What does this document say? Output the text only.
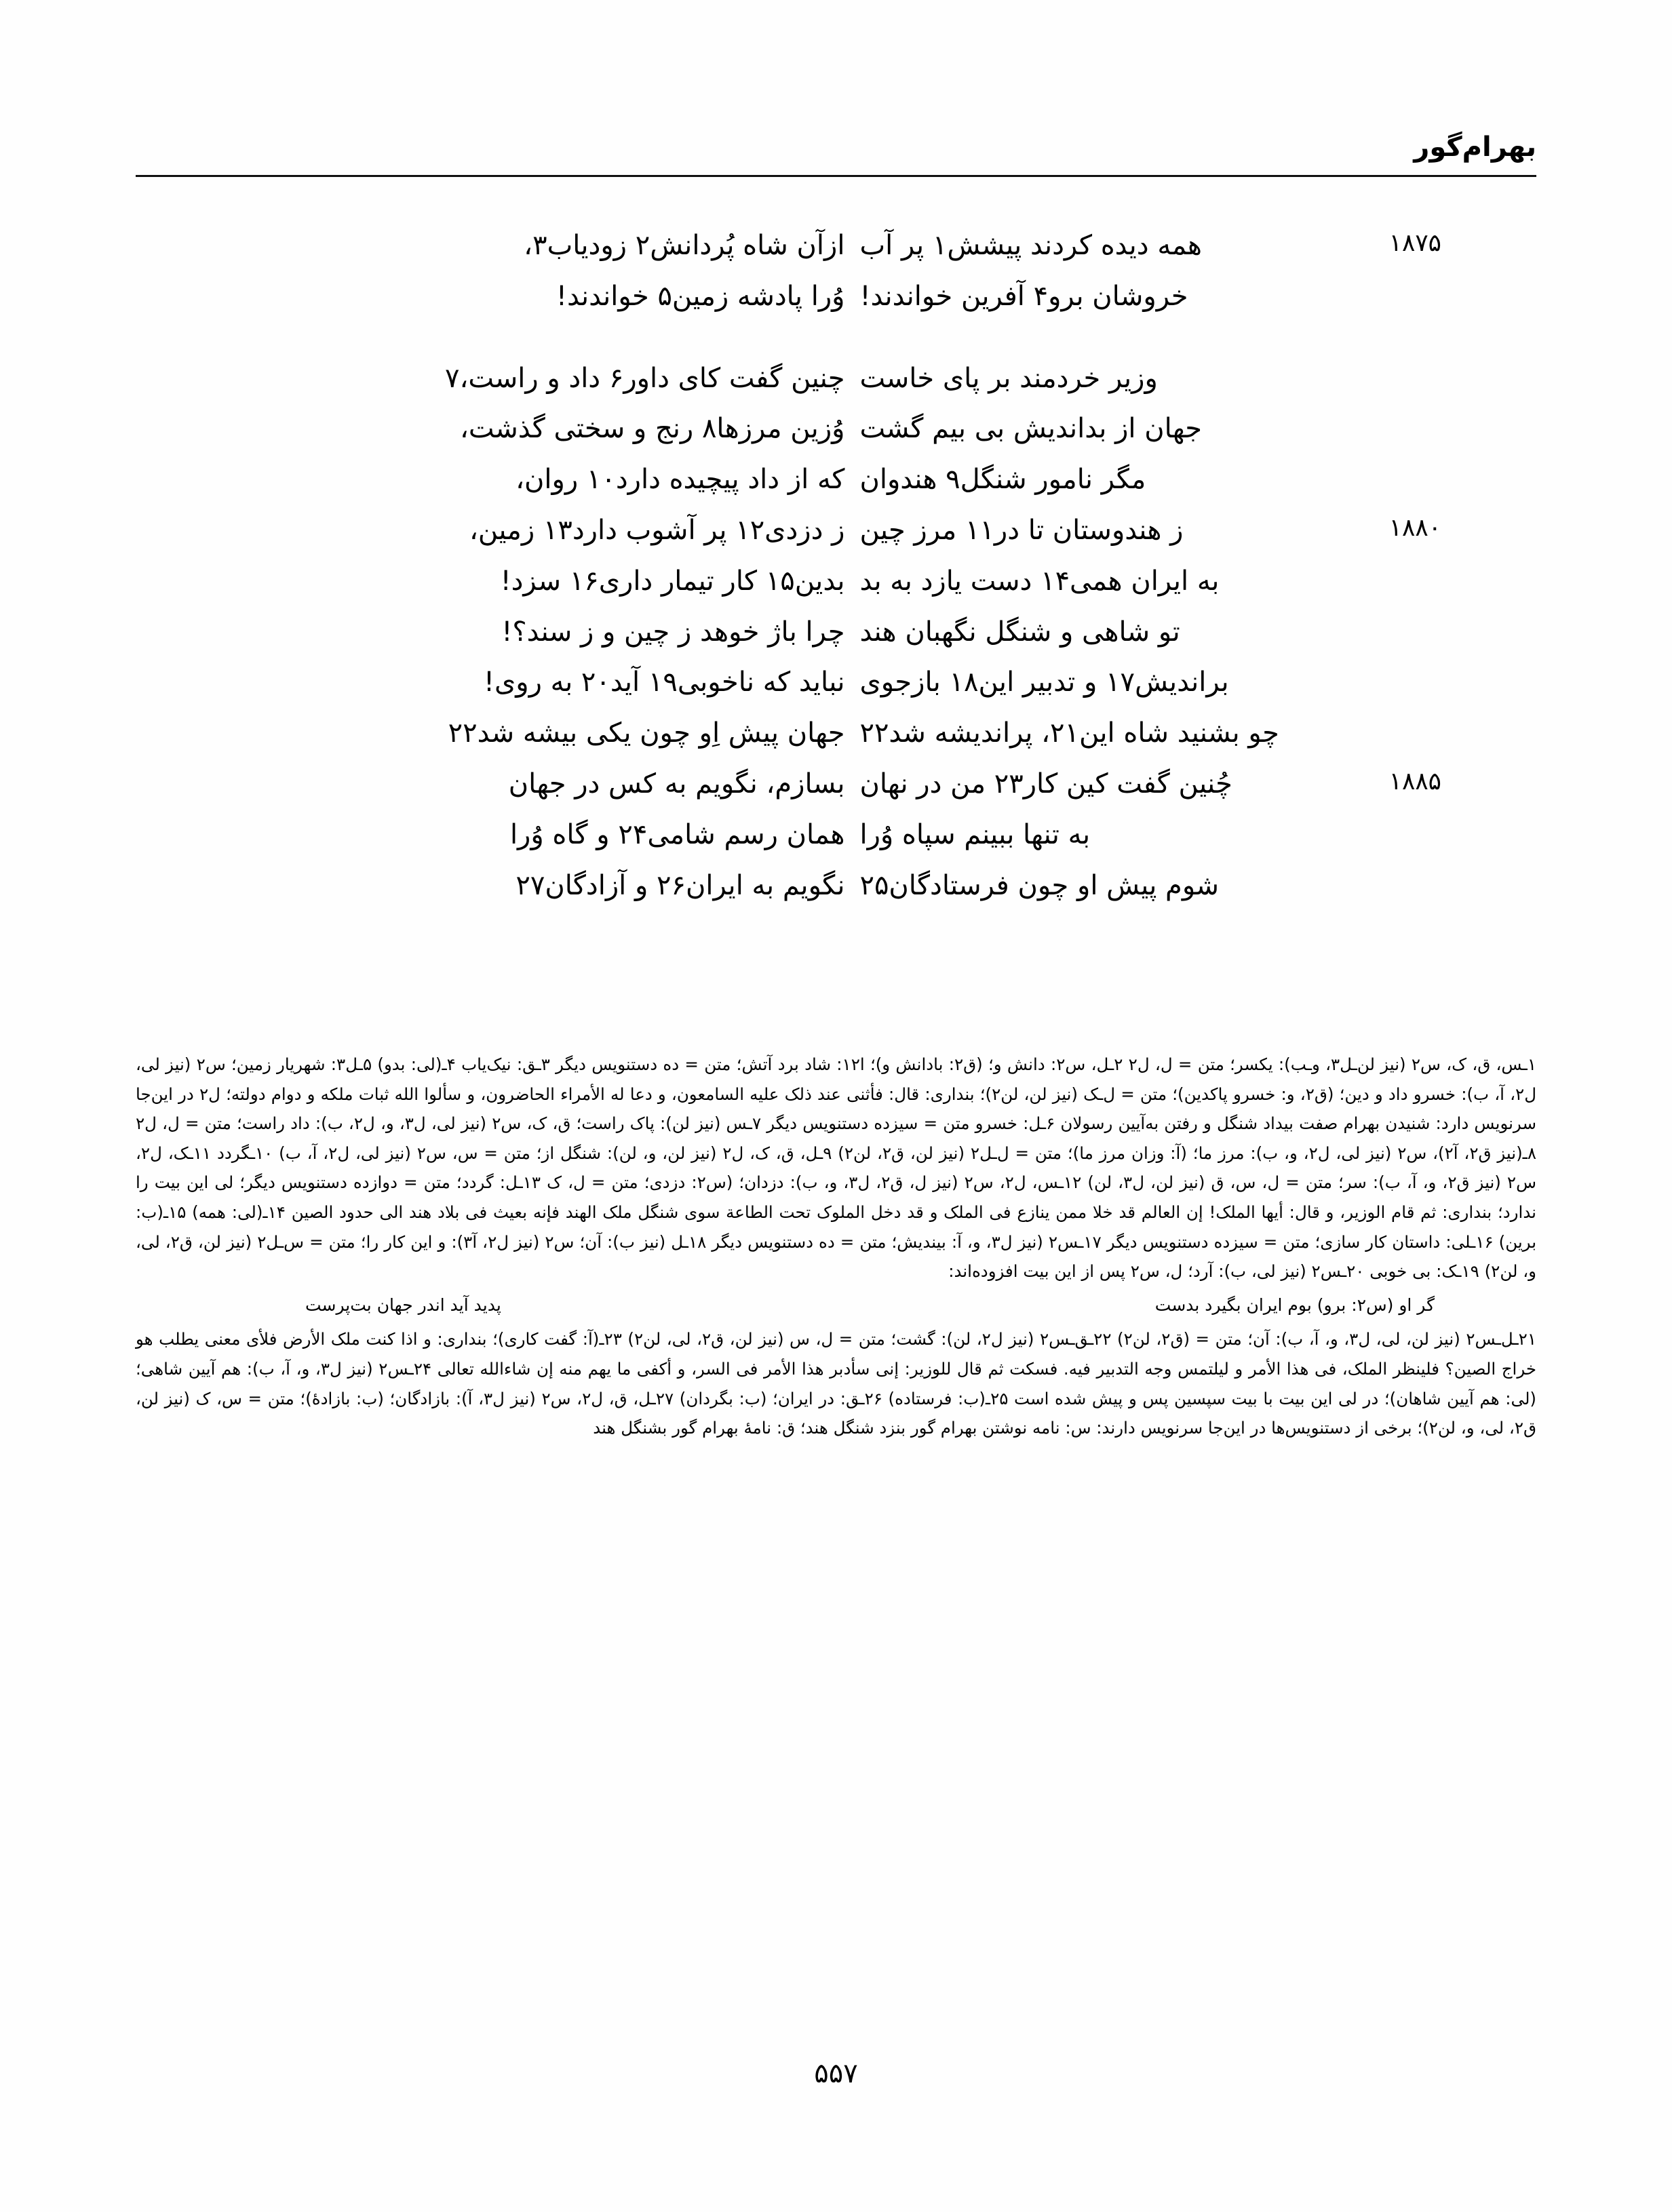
بهرام‌گور
۱۸۷۵
همه دیده کردند پیشش۱ پر آب
ازآن شاه پُردانش۲ زودیاب۳،
خروشان برو۴ آفرین خواندند!
وُرا پادشه زمین۵ خواندند!
وزیر خردمند بر پای خاست
چنین گفت کای داور۶ داد و راست،۷
جهان از بداندیش بی بیم گشت
وُزین مرزها۸ رنج و سختی گذشت،
مگر نامور شنگل۹ هندوان
که از داد پیچیده دارد۱۰ روان،
۱۸۸۰
ز هندوستان تا در۱۱ مرز چین
ز دزدی۱۲ پر آشوب دارد۱۳ زمین،
به ایران همی۱۴ دست یازد به بد
بدین۱۵ کار تیمار داری۱۶ سزد!
تو شاهی و شنگل نگهبان هند
چرا باژ خوهد ز چین و ز سند؟!
براندیش۱۷ و تدبیر این۱۸ بازجوی
نباید که ناخوبی۱۹ آید۲۰ به روی!
چو بشنید شاه این۲۱، پراندیشه شد۲۲
جهان پیش اِو چون یکی بیشه شد۲۲
۱۸۸۵
چُنین گفت کین کار۲۳ من در نهان
بسازم، نگویم به کس در جهان
به تنها ببینم سپاه وُرا
همان رسم شامی۲۴ و گاه وُرا
شوم پیش او چون فرستادگان۲۵
نگویم به ایران۲۶ و آزادگان۲۷

۱ـس، ق، ک، س۲ (نیز لن‌ـل۳، و‌ـب): یکسر؛ متن = ل، ل۲ ۲ـل، س۲: دانش و؛ (ق۲: بادانش و)؛ ا۱۲: شاد برد آتش؛ متن = ده دستنویس دیگر ۳ـق: نیک‌یاب ۴ـ(لی: بدو) ۵ـل۳: شهریار زمین؛ س۲ (نیز لی، ل۲، آ، ب): خسرو داد و دین؛ (ق۲، و: خسرو پاکدین)؛ متن = ل‌ـک (نیز لن، لن۲)؛ بنداری: قال: فأثنی عند ذلک علیه السامعون، و دعا له الأمراء الحاضرون، و سألوا الله ثبات ملکه و دوام دولته؛ ل۲ در این‌جا سرنویس دارد: شنیدن بهرام صفت بیداد شنگل و رفتن به‌آیین رسولان ۶ـل: خسرو متن = سیزده دستنویس دیگر ۷ـس (نیز لن): پاک راست؛ ق، ک، س۲ (نیز لی، ل۳، و، ل۲، ب): داد راست؛ متن = ل، ل۲ ۸ـ(نیز ق۲، آ۲)، س۲ (نیز لی، ل۲، و، ب): مرز ما؛ (آ: وزان مرز ما)؛ متن = ل‌ـل۲ (نیز لن، ق۲، لن۲) ۹ـل، ق، ک، ل۲ (نیز لن، و، لن): شنگل از؛ متن = س، س۲ (نیز لی، ل۲، آ، ب) ۱۰ـگردد ۱۱ـک، ل۲، س۲ (نیز ق۲، و، آ، ب): سر؛ متن = ل، س، ق (نیز لن، ل۳، لن) ۱۲ـس، ل۲، س۲ (نیز ل، ق۲، ل۳، و، ب): دزدان؛ (س۲: دزدی؛ متن = ل، ک ۱۳ـل: گردد؛ متن = دوازده دستنویس دیگر؛ لی این بیت را ندارد؛ بنداری: ثم قام الوزیر، و قال: أیها الملک! إن العالم قد خلا ممن ینازع فی الملک و قد دخل الملوک تحت الطاعة سوی شنگل ملک الهند فإنه بعیث فی بلاد هند الی حدود الصین ۱۴ـ(لی: همه) ۱۵ـ(ب: برین) ۱۶ـلی: داستان کار سازی؛ متن = سیزده دستنویس دیگر ۱۷ـس۲ (نیز ل۳، و، آ: بیندیش؛ متن = ده دستنویس دیگر ۱۸ـل (نیز ب): آن؛ س۲ (نیز ل۲، آ۳): و این کار را؛ متن = س‌ـل۲ (نیز لن، ق۲، لی، و، لن۲) ۱۹ـک: بی خوبی ۲۰ـس۲ (نیز لی، ب): آرد؛ ل، س۲ پس از این بیت افزوده‌اند:

گر او (س۲: برو) بوم ایران بگیرد بدست
پدید آید اندر جهان بت‌پرست

۲۱ـل‌ـس۲ (نیز لن، لی، ل۳، و، آ، ب): آن؛ متن = (ق۲، لن۲) ۲۲ـق‌ـس۲ (نیز ل۲، لن): گشت؛ متن = ل، س (نیز لن، ق۲، لی، لن۲) ۲۳ـ(آ: گفت کاری)؛ بنداری: و اذا کنت ملک الأرض فلأی معنی یطلب هو خراج الصین؟ فلینظر الملک، فی هذا الأمر و لیلتمس وجه التدبیر فیه. فسکت ثم قال للوزیر: إنی سأدبر هذا الأمر فی السر، و أکفی ما یهم منه إن شاءالله تعالی ۲۴ـس۲ (نیز ل۳، و، آ، ب): هم آیین شاهی؛ (لی: هم آیین شاهان)؛ در لی این بیت با بیت سپسین پس و پیش شده است ۲۵ـ(ب: فرستاده) ۲۶ـق: در ایران؛ (ب: بگردان) ۲۷ـل، ق، ل۲، س۲ (نیز ل۳، آ): بازادگان؛ (ب: بازادهٔ)؛ متن = س، ک (نیز لن، ق۲، لی، و، لن۲)؛ برخی از دستنویس‌ها در این‌جا سرنویس دارند: س: نامه نوشتن بهرام گور بنزد شنگل هند؛ ق: نامهٔ بهرام گور بشنگل هند

۵۵۷
